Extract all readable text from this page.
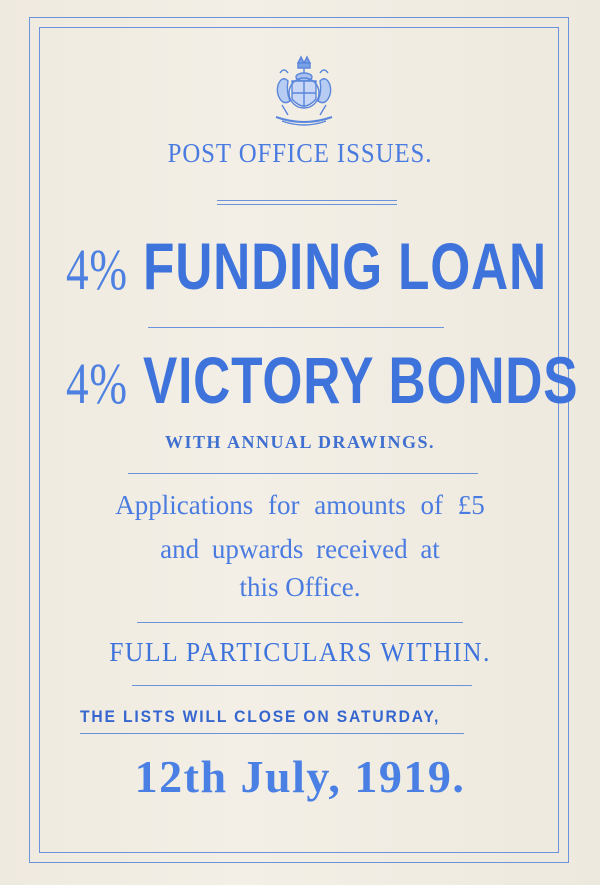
POST OFFICE ISSUES.
4% FUNDING LOAN
4% VICTORY BONDS
WITH ANNUAL DRAWINGS.
Applications for amounts of £5
and upwards received at
this Office.
FULL PARTICULARS WITHIN.
THE LISTS WILL CLOSE ON SATURDAY,
12th July, 1919.
